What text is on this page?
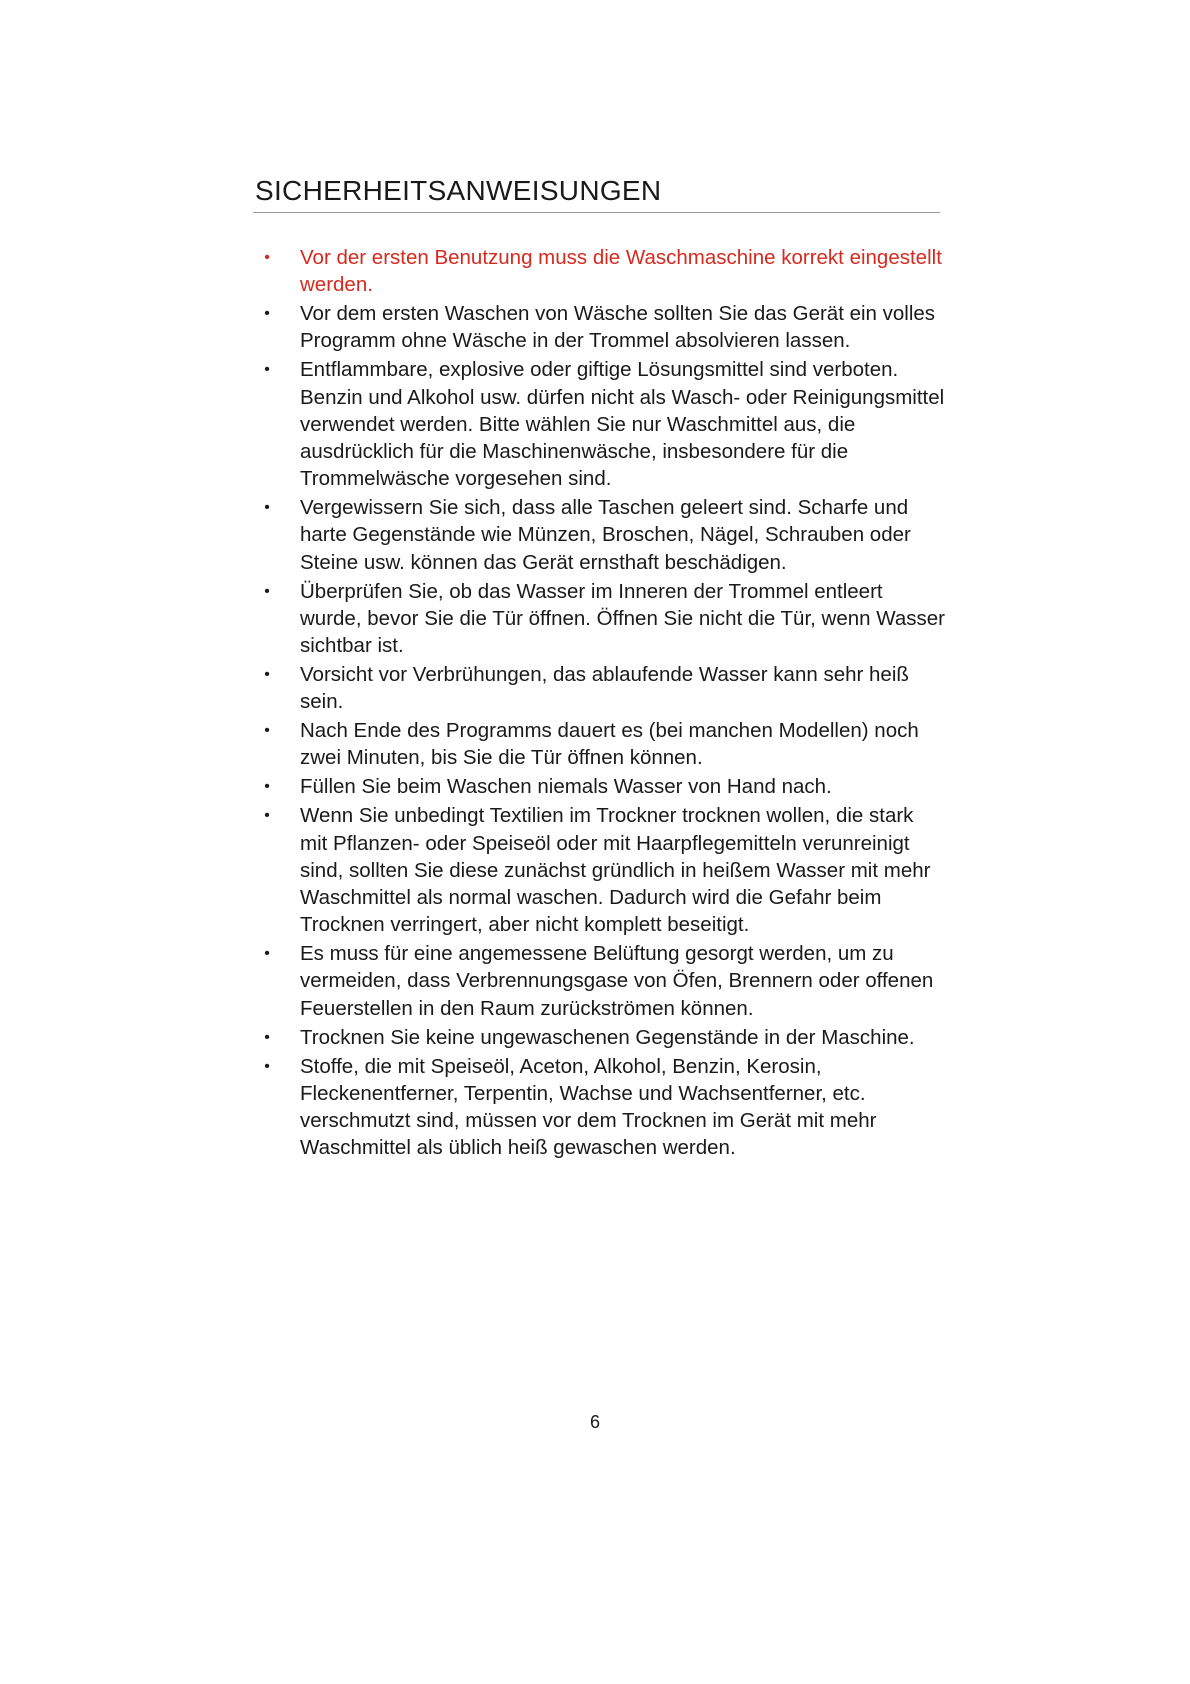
SICHERHEITSANWEISUNGEN
• Vor der ersten Benutzung muss die Waschmaschine korrekt eingestellt werden.
• Vor dem ersten Waschen von Wäsche sollten Sie das Gerät ein volles Programm ohne Wäsche in der Trommel absolvieren lassen.
• Entflammbare, explosive oder giftige Lösungsmittel sind verboten. Benzin und Alkohol usw. dürfen nicht als Wasch- oder Reinigungsmittel verwendet werden. Bitte wählen Sie nur Waschmittel aus, die ausdrücklich für die Maschinenwäsche, insbesondere für die Trommelwäsche vorgesehen sind.
• Vergewissern Sie sich, dass alle Taschen geleert sind. Scharfe und harte Gegenstände wie Münzen, Broschen, Nägel, Schrauben oder Steine usw. können das Gerät ernsthaft beschädigen.
• Überprüfen Sie, ob das Wasser im Inneren der Trommel entleert wurde, bevor Sie die Tür öffnen. Öffnen Sie nicht die Tür, wenn Wasser sichtbar ist.
• Vorsicht vor Verbrühungen, das ablaufende Wasser kann sehr heiß sein.
• Nach Ende des Programms dauert es (bei manchen Modellen) noch zwei Minuten, bis Sie die Tür öffnen können.
• Füllen Sie beim Waschen niemals Wasser von Hand nach.
• Wenn Sie unbedingt Textilien im Trockner trocknen wollen, die stark mit Pflanzen- oder Speiseöl oder mit Haarpflegemitteln verunreinigt sind, sollten Sie diese zunächst gründlich in heißem Wasser mit mehr Waschmittel als normal waschen. Dadurch wird die Gefahr beim Trocknen verringert, aber nicht komplett beseitigt.
• Es muss für eine angemessene Belüftung gesorgt werden, um zu vermeiden, dass Verbrennungsgase von Öfen, Brennern oder offenen Feuerstellen in den Raum zurückströmen können.
• Trocknen Sie keine ungewaschenen Gegenstände in der Maschine.
• Stoffe, die mit Speiseöl, Aceton, Alkohol, Benzin, Kerosin, Fleckenentferner, Terpentin, Wachse und Wachsentferner, etc. verschmutzt sind, müssen vor dem Trocknen im Gerät mit mehr Waschmittel als üblich heiß gewaschen werden.
6
